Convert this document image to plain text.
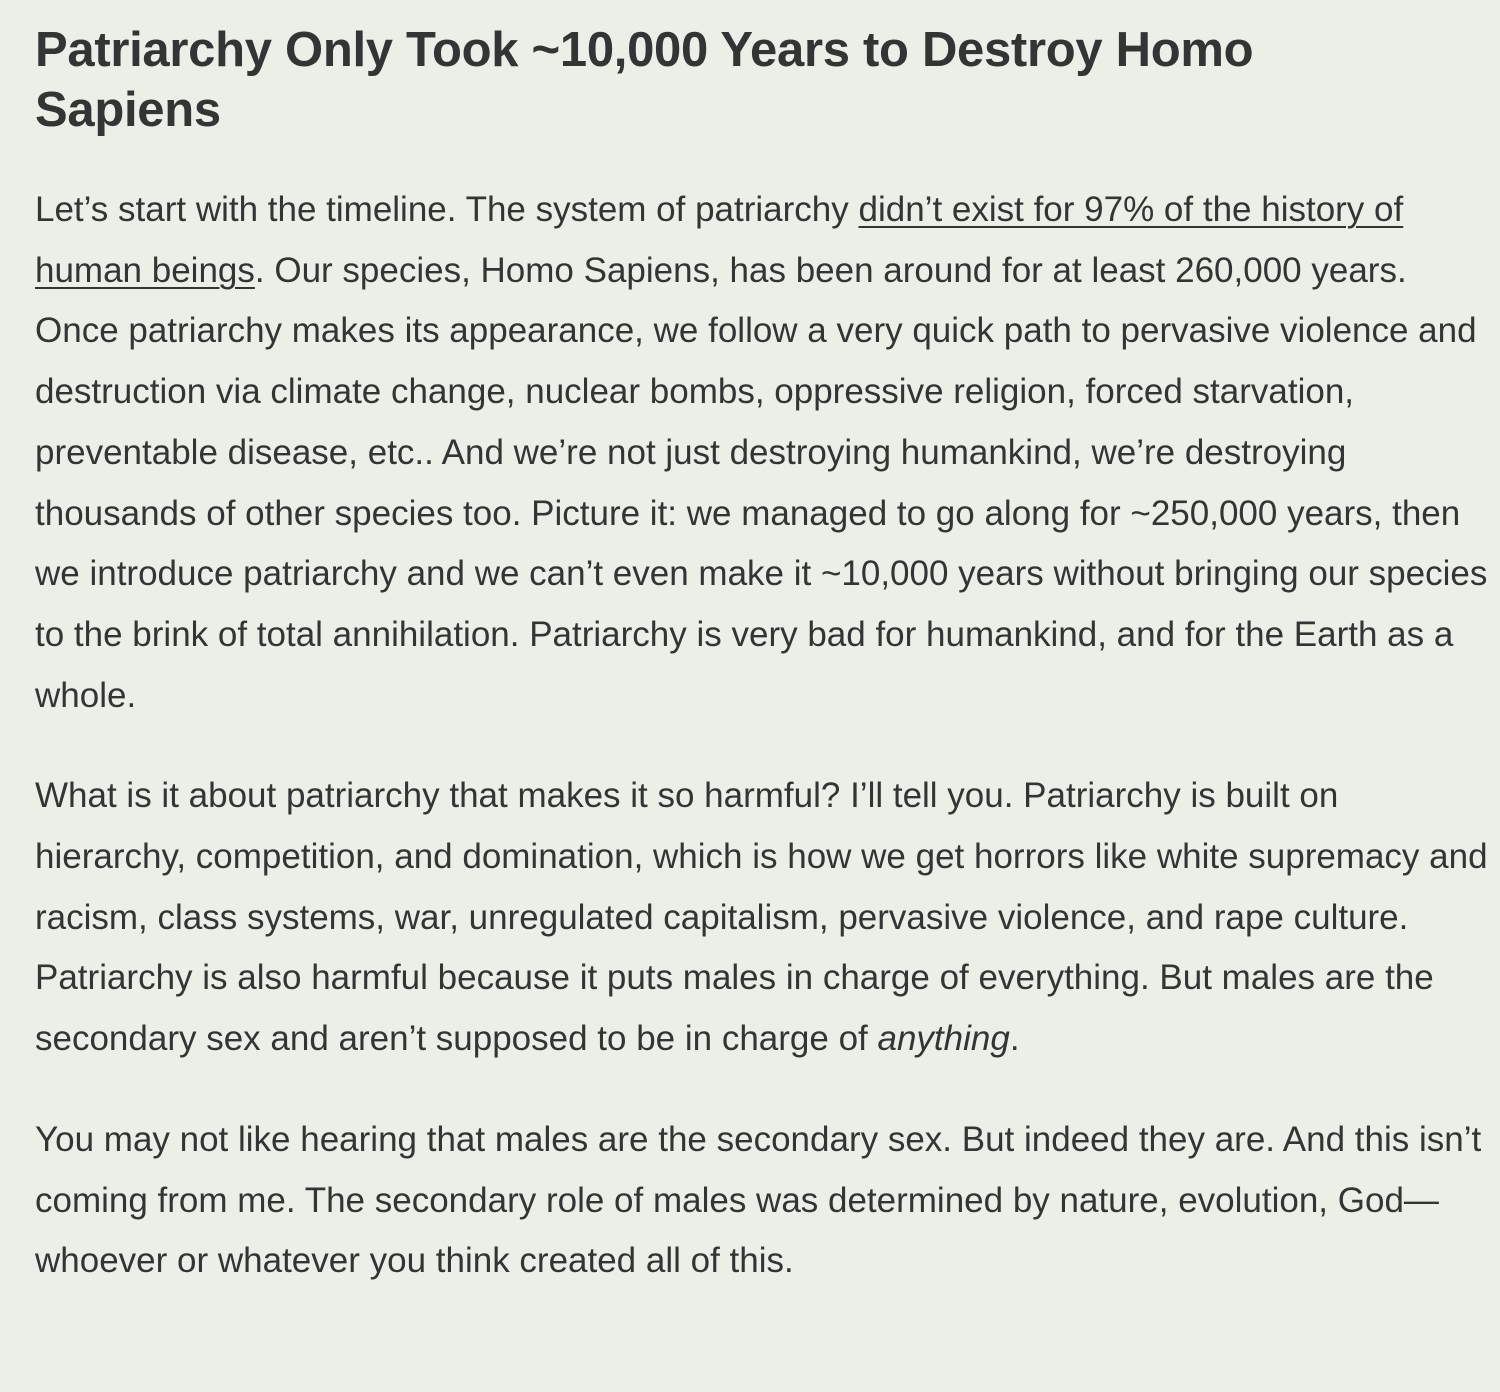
Patriarchy Only Took ~10,000 Years to Destroy Homo Sapiens

Let’s start with the timeline. The system of patriarchy didn’t exist for 97% of the history of human beings. Our species, Homo Sapiens, has been around for at least 260,000 years. Once patriarchy makes its appearance, we follow a very quick path to pervasive violence and destruction via climate change, nuclear bombs, oppressive religion, forced starvation, preventable disease, etc.. And we’re not just destroying humankind, we’re destroying thousands of other species too. Picture it: we managed to go along for ~250,000 years, then we introduce patriarchy and we can’t even make it ~10,000 years without bringing our species to the brink of total annihilation. Patriarchy is very bad for humankind, and for the Earth as a whole.

What is it about patriarchy that makes it so harmful? I’ll tell you. Patriarchy is built on hierarchy, competition, and domination, which is how we get horrors like white supremacy and racism, class systems, war, unregulated capitalism, pervasive violence, and rape culture. Patriarchy is also harmful because it puts males in charge of everything. But males are the secondary sex and aren’t supposed to be in charge of anything.

You may not like hearing that males are the secondary sex. But indeed they are. And this isn’t coming from me. The secondary role of males was determined by nature, evolution, God—whoever or whatever you think created all of this.
